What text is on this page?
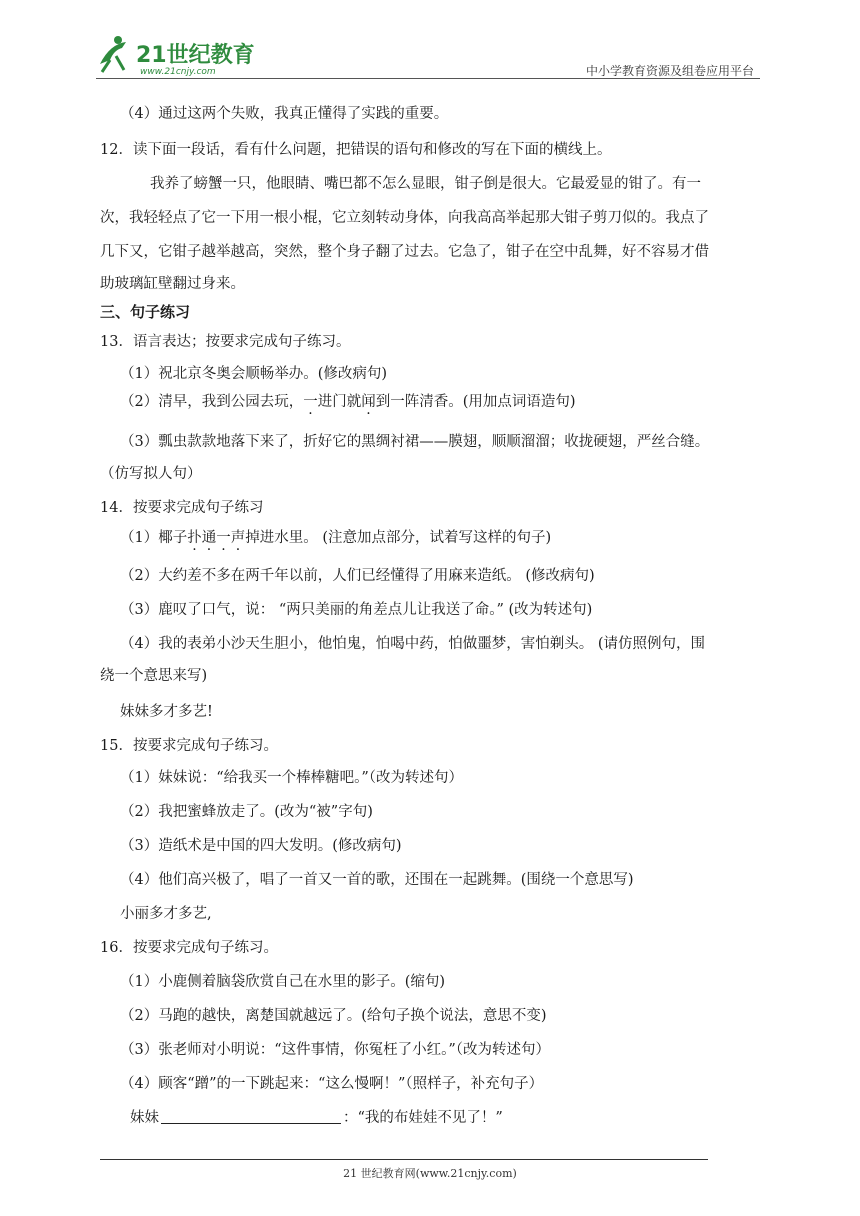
21世纪教育
www.21cnjy.com	中小学教育资源及组卷应用平台
（4）通过这两个失败，我真正懂得了实践的重要。
12．读下面一段话，看有什么问题，把错误的语句和修改的写在下面的横线上。
我养了螃蟹一只，他眼睛、嘴巴都不怎么显眼，钳子倒是很大。它最爱显的钳了。有一
次，我轻轻点了它一下用一根小棍，它立刻转动身体，向我高高举起那大钳子剪刀似的。我点了
几下又，它钳子越举越高，突然，整个身子翻了过去。它急了，钳子在空中乱舞，好不容易才借
助玻璃缸壁翻过身来。
三、句子练习
13．语言表达；按要求完成句子练习。
（1）祝北京冬奥会顺畅举办。(修改病句)
（2）清早，我到公园去玩，一进门就闻到一阵清香。(用加点词语造句)
（3）瓢虫款款地落下来了，折好它的黑绸衬裙——膜翅，顺顺溜溜；收拢硬翅，严丝合缝。
（仿写拟人句）
14．按要求完成句子练习
（1）椰子扑通一声掉进水里。 (注意加点部分，试着写这样的句子)
（2）大约差不多在两千年以前，人们已经懂得了用麻来造纸。 (修改病句)
（3）鹿叹了口气，说： “两只美丽的角差点儿让我送了命。” (改为转述句)
（4）我的表弟小沙天生胆小，他怕鬼，怕喝中药，怕做噩梦，害怕剃头。 (请仿照例句，围
绕一个意思来写)
妹妹多才多艺!
15．按要求完成句子练习。
（1）妹妹说：“给我买一个棒棒糖吧。”（改为转述句）
（2）我把蜜蜂放走了。(改为“被”字句)
（3）造纸术是中国的四大发明。(修改病句)
（4）他们高兴极了，唱了一首又一首的歌，还围在一起跳舞。(围绕一个意思写)
小丽多才多艺,
16．按要求完成句子练习。
（1）小鹿侧着脑袋欣赏自己在水里的影子。(缩句)
（2）马跑的越快，离楚国就越远了。(给句子换个说法，意思不变)
（3）张老师对小明说：“这件事情，你冤枉了小红。”（改为转述句）
（4）顾客“蹭”的一下跳起来：“这么慢啊！”（照样子，补充句子）
妹妹	：“我的布娃娃不见了！”
21 世纪教育网(www.21cnjy.com)
